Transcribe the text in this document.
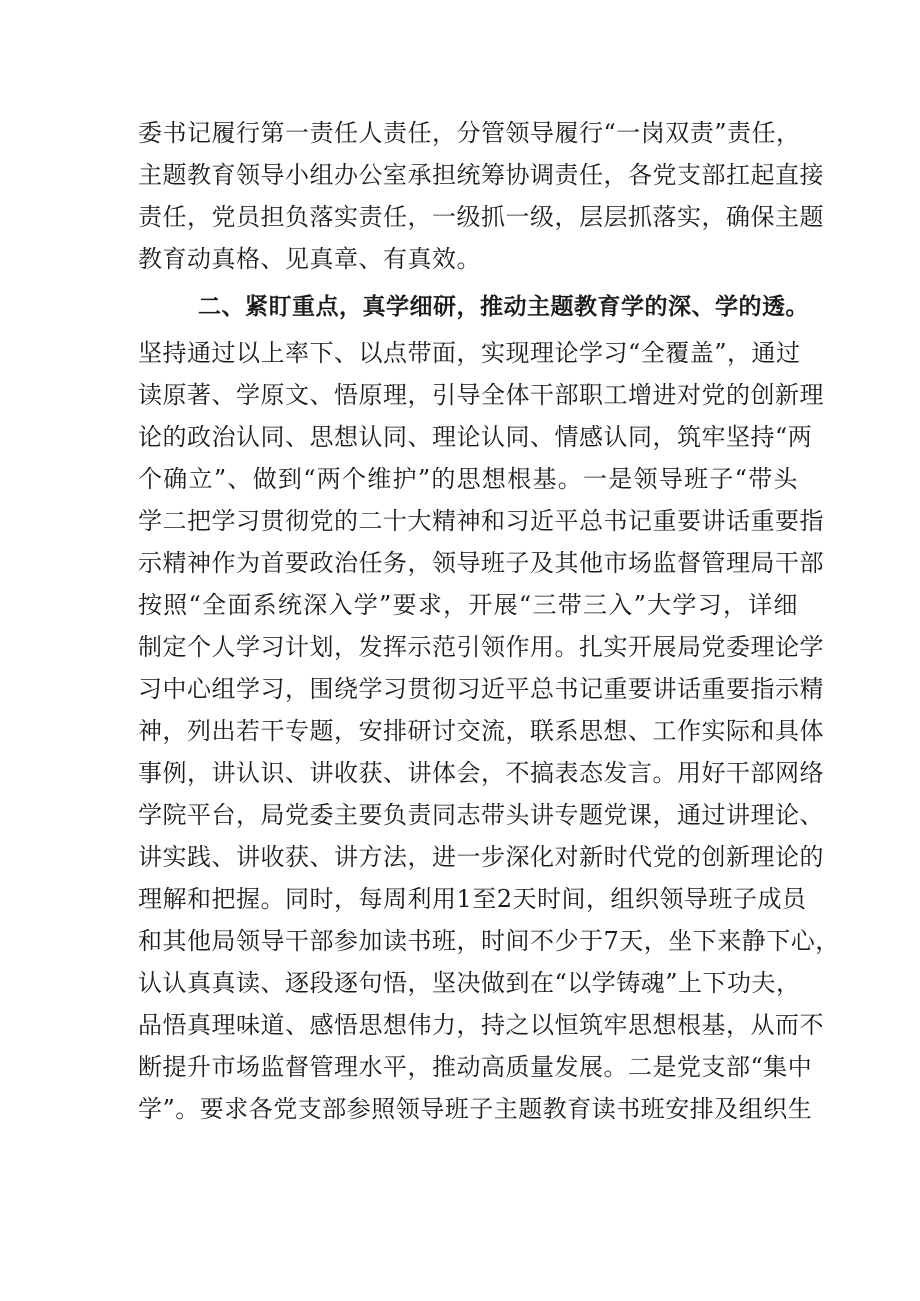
委书记履行第一责任人责任，分管领导履行“一岗双责”责任，
主题教育领导小组办公室承担统筹协调责任，各党支部扛起直接
责任，党员担负落实责任，一级抓一级，层层抓落实，确保主题
教育动真格、见真章、有真效。
二、紧盯重点，真学细研，推动主题教育学的深、学的透。
坚持通过以上率下、以点带面，实现理论学习“全覆盖”，通过
读原著、学原文、悟原理，引导全体干部职工增进对党的创新理
论的政治认同、思想认同、理论认同、情感认同，筑牢坚持“两
个确立”、做到“两个维护”的思想根基。一是领导班子“带头
学二把学习贯彻党的二十大精神和习近平总书记重要讲话重要指
示精神作为首要政治任务，领导班子及其他市场监督管理局干部
按照“全面系统深入学”要求，开展“三带三入”大学习，详细
制定个人学习计划，发挥示范引领作用。扎实开展局党委理论学
习中心组学习，围绕学习贯彻习近平总书记重要讲话重要指示精
神，列出若干专题，安排研讨交流，联系思想、工作实际和具体
事例，讲认识、讲收获、讲体会，不搞表态发言。用好干部网络
学院平台，局党委主要负责同志带头讲专题党课，通过讲理论、
讲实践、讲收获、讲方法，进一步深化对新时代党的创新理论的
理解和把握。同时，每周利用1至2天时间，组织领导班子成员
和其他局领导干部参加读书班，时间不少于7天，坐下来静下心，
认认真真读、逐段逐句悟，坚决做到在“以学铸魂”上下功夫，
品悟真理味道、感悟思想伟力，持之以恒筑牢思想根基，从而不
断提升市场监督管理水平，推动高质量发展。二是党支部“集中
学”。要求各党支部参照领导班子主题教育读书班安排及组织生
